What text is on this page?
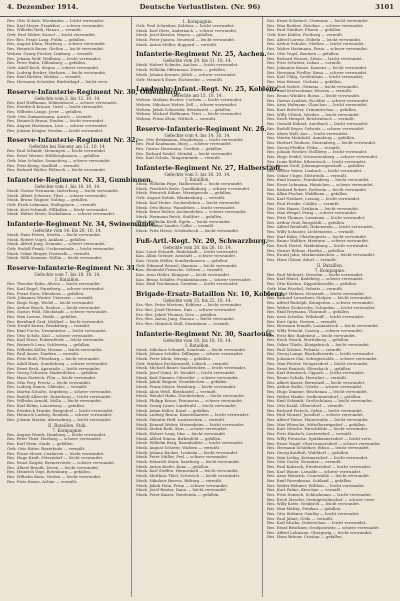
4. Dezember 1914.	Deutsche Verlustlisten. (Nr. 96)	3101
Res. Otto Schulz, Wiesbaden — leicht verwundet.
Res. Karl Meyer, Frankfurt — schwer verwundet.
Res. Wilhelm Roth, Hanau — vermißt.
Gefr. Paul Weber, Kassel — leicht verwundet.
Ers.-Res. Franz Lang, Fulda — gefallen.
Res. August Klein, Marburg — schwer verwundet.
Res. Heinrich Bauer, Gießen — leicht verwundet.
Wehrm. Georg Fischer, Limburg — vermißt.
Res. Johann Wolf, Weilburg — leicht verwundet.
Res. Peter Hahn, Dillenburg — gefallen.
Gefr. Adolf Koch, Siegen — schwer verwundet.
Res. Ludwig Becker, Herborn — leicht verwundet.
Res. Emil Richter, Wetzlar — vermißt.
Res. Hermann Schröder, Biedenkopf — leicht verw.
Reserve-Infanterie-Regiment Nr. 30, Oldenburg.
Gefechte vom 2. bis 12. 10. 14.
Res. Karl Hoffmann, Delmenhorst — schwer verwundet.
Res. Friedrich Krause, Varel — leicht verwundet.
Res. Wilhelm Lange, Jever — gefallen.
Gefr. Otto Zimmermann, Aurich — vermißt.
Res. Heinrich Braun, Emden — leicht verwundet.
Res. August Hartmann, Leer — schwer verwundet.
Res. Johann Krüger, Norden — leicht verwundet.
Reserve-Infanterie-Regiment Nr. 32.
Gefechte bei Sinceny am 12. 10. 14.
Res. Paul Schmitt, Meiningen — leicht verwundet.
Res. Ernst Werner, Hildburghausen — gefallen.
Gefr. Max Schulze, Sonneberg — schwer verwundet.
Res. Fritz König, Saalfeld — vermißt.
Res. Richard Walter, Pößneck — leicht verwundet.
Infanterie-Regiment Nr. 33, Gumbinnen.
Gefechte vom 1. bis 18. 10. 14.
Musk. Gustav Neumann, Insterburg — leicht verwundet.
Musk. Albert Schwarz, Tilsit — schwer verwundet.
Musk. Bruno Wagner, Goldap — gefallen.
Gefr. Erich Lehmann, Stallupönen — vermißt.
Musk. Kurt Schmidt, Pillkallen — leicht verwundet.
Musk. Walter Meier, Darkehmen — schwer verwundet.
Infanterie-Regiment Nr. 34, Swinemünde.
Gefechte vom 14. bis 20. 10. 14.
Musk. Hans Peters, Stettin — leicht verwundet.
Musk. Robert Vogel, Anklam — gefallen.
Musk. Alfred Jung, Demmin — schwer verwundet.
Gefr. Rudolf Frank, Ueckermünde — leicht verwundet.
Musk. Oskar Berger, Pasewalk — vermißt.
Musk. Willi Sommer, Wollin — leicht verwundet.
Reserve-Infanterie-Regiment Nr. 31.
Gefechte vom 7. bis 18. 10. 14.
I. Bataillon.
Res. Theodor Kühn, Altona — leicht verwundet.
Res. Karl Engel, Pinneberg — schwer verwundet.
Res. Franz Horn, Elmshorn — gefallen.
Gefr. Johannes Winter, Uetersen — vermißt.
Res. Hugo Voigt, Wedel — leicht verwundet.
Res. Arthur Busch, Itzehoe — leicht verwundet.
Res. Gustav Pohl, Glückstadt — schwer verwundet.
Res. Max Lorenz, Heide — gefallen.
Res. Bernhard Graf, Meldorf — leicht verwundet.
Gefr. Ewald Kaiser, Rendsburg — vermißt.
Res. Emil Fuchs, Neumünster — leicht verwundet.
Res. Otto Scholz, Kiel — schwer verwundet.
Res. Karl Ernst, Eckernförde — leicht verwundet.
Res. Heinrich Lenz, Schleswig — gefallen.
Res. Wilhelm Keller, Husum — leicht verwundet.
Res. Paul Sauer, Tondern — vermißt.
Res. Fritz Roth, Flensburg — leicht verwundet.
Res. Adolf Haas, Sonderburg — schwer verwundet.
Res. Ernst Beck, Apenrade — leicht verwundet.
Res. Georg Schuster, Hadersleben — gefallen.
Res. Hans Dietrich, Plön — leicht verwundet.
Res. Otto Frey, Preetz — leicht verwundet.
Res. Ludwig Simon, Oldesloe — vermißt.
Res. Martin Schulte, Segeberg — schwer verwundet.
Res. Rudolf Albrecht, Ratzeburg — leicht verwundet.
Res. Wilhelm Arnold, Mölln — leicht verwundet.
Res. Karl Böhm, Lauenburg — gefallen.
Res. Friedrich Franke, Bergedorf — leicht verwundet.
Res. Heinrich Ludwig, Reinbek — schwer verwundet.
Res. Johann Martin, Ahrensburg — leicht verwundet.
II. Bataillon. Stab.
7. Kompagnie.
Res. August Wendt, Hamburg — leicht verwundet.
Res. Peter Thiel, Harburg — schwer verwundet.
Res. Karl Stein, Stade — gefallen.
Gefr. Otto Ritter, Buxtehude — vermißt.
Res. Franz Moser, Cuxhaven — leicht verwundet.
Res. Hugo Kraft, Otterndorf — leicht verwundet.
Res. Ernst Ziegler, Bremervörde — schwer verwundet.
Res. Albert Brandt, Zeven — leicht verwundet.
Res. Heinrich Vogt, Rotenburg — gefallen.
Res. Wilhelm Kunz, Verden — leicht verwundet.
Res. Fritz Haase, Achim — vermißt.
1. Kompagnie.
Gefr. Paul Schreiber, Koblenz — leicht verwundet.
Musk. Karl Dietz, Andernach — schwer verwundet.
Musk. Josef Kessler, Mayen — gefallen.
Musk. Peter Jansen, Neuwied — leicht verwundet.
Musk. Anton Müller, Boppard — vermißt.
Infanterie-Regiment Nr. 25, Aachen.
Gefechte vom 29. bis 31. 10. 14.
Musk. Hubert Schmitz, Aachen — leicht verwundet.
Musk. Wilhelm Offermann, Düren — gefallen.
Musk. Johann Kremer, Jülich — schwer verwundet.
Gefr. Heinrich Esser, Eschweiler — vermißt.
Landwehr-Infant.-Regt. Nr. 25, Koblenz.
Gefechte am 13. 10. 14.
Wehrm. Mathias Becker, Cochem — leicht verwundet.
Wehrm. Nikolaus Weber, Zell — schwer verwundet.
Wehrm. Jakob Schneider, Bernkastel — gefallen.
Wehrm. Michael Hoffmann, Trier — leicht verwundet.
Wehrm. Franz Klein, Wittlich — vermißt.
Reserve-Infanterie-Regiment Nr. 26.
Gefechte vom 4. bis 14. 10. 14.
Res. Otto Brinkmann, Magdeburg — leicht verwundet.
Res. Paul Kaufmann, Burg — schwer verwundet.
Res. Gustav Herrmann, Genthin — gefallen.
Res. Richard Seidel, Stendal — leicht verwundet.
Res. Karl Schulz, Tangermünde — vermißt.
Infanterie-Regiment Nr. 27, Halberstadt.
Gefechte vom 3. bis 16. 10. 14.
I. Bataillon.
Musk. Wilhelm Pape, Halberstadt — leicht verwundet.
Musk. Friedrich Bode, Quedlinburg — schwer verwundet.
Musk. Heinrich Kühne, Wernigerode — gefallen.
Gefr. August Rohde, Blankenburg — vermißt.
Musk. Karl Heine, Oschersleben — leicht verwundet.
Musk. Otto Busse, Wanzleben — leicht verwundet.
Musk. Ernst Wolter, Aschersleben — schwer verwundet.
Musk. Hermann Reich, Staßfurt — gefallen.
Musk. Wilhelm Kroll, Egeln — leicht verwundet.
Musk. Gustav Sander, Calbe — vermißt.
Musk. Fritz Hesse, Schönebeck — leicht verwundet.
Fuß-Artl.-Regt. Nr. 20, Schwarzburg.
Gefechte vom 20. bis 28. 10. 14.
Kan. Louis Eckardt, Rudolstadt — leicht verwundet.
Kan. Albin Greiner, Arnstadt — schwer verwundet.
Kan. Oswin Möller, Sondershausen — gefallen.
Gefr. Edmund Wenzel, Ilmenau — leicht verwundet.
Kan. Reinhold Fritzsche, Gehren — vermißt.
Kan. Arno Heller, Königsee — leicht verwundet.
Kan. Bruno Schäfer, Frankenhausen — schwer verwundet.
Kan. Emil Teichmann, Greußen — leicht verwundet.
Brigade-Ersatz-Bataillon Nr. 10, Koblenz.
Gefechte vom 15. bis 22. 10. 14.
Ers.-Res. Peter Mertens, Koblenz — leicht verwundet.
Ers.-Res. Josef Hermes, Ems — schwer verwundet.
Ers.-Res. Jakob Thomas, Diez — gefallen.
Ers.-Res. Anton Jung, Nassau — leicht verwundet.
Ers.-Res. Heinrich Stoll, Montabaur — vermißt.
Infanterie-Regiment Nr. 30, Saarlouis.
Gefechte vom 10. bis 18. 10. 14.
I. Bataillon.
Musk. Nikolaus Schmidt, Saarlouis — leicht verwundet.
Musk. Johann Schäfer, Dillingen — schwer verwundet.
Musk. Peter Klein, Merzig — gefallen.
Gefr. Mathias Recktenwald, Lebach — vermißt.
Musk. Michael Bauer, Saarbrücken — leicht verwundet.
Musk. Josef Quint, St. Wendel — leicht verwundet.
Musk. Karl Zimmer, Ottweiler — schwer verwundet.
Musk. Jakob Wagner, Neunkirchen — gefallen.
Musk. Franz Meyer, Homburg — leicht verwundet.
Musk. Alois Weiß, Blieskastel — vermißt.
Musk. Wendel Hahn, Zweibrücken — leicht verwundet.
Musk. Philipp Kraus, Pirmasens — schwer verwundet.
Musk. Georg Lauer, Landstuhl — leicht verwundet.
Musk. Adam Keller, Kusel — gefallen.
Musk. Ludwig Braun, Kaiserslautern — leicht verwundet.
Musk. Valentin Hoff, Lauterecken — vermißt.
Musk. Konrad Weber, Meisenheim — leicht verwundet.
Musk. Stefan Roth, Kirn — schwer verwundet.
Musk. Hubert Lang, Idar — leicht verwundet.
Musk. Alfred Simon, Birkenfeld — gefallen.
Musk. Wilhelm Berg, Baumholder — leicht verwundet.
Musk. August Scherer, Wadern — vermißt.
Musk. Johann Backes, Losheim — leicht verwundet.
Musk. Peter Müller, Perl — schwer verwundet.
Musk. Heinrich Marx, Saarburg — leicht verwundet.
Musk. Anton Kiefer, Konz — gefallen.
Musk. Karl Steffen, Hermeskeil — leicht verwundet.
Musk. Matthias Thiel, Schweich — leicht verwundet.
Musk. Nikolaus Berens, Bitburg — vermißt.
Musk. Jakob Hein, Prüm — schwer verwundet.
Musk. Josef Reuter, Daun — leicht verwundet.
Musk. Peter Kaiser, Gerolstein — gefallen.
Res. Ernst Schubert, Chemnitz — leicht verwundet.
Res. Max Richter, Zwickau — schwer verwundet.
Res. Paul Günther, Plauen — gefallen.
Gefr. Kurt Köhler, Freiberg — vermißt.
Res. Alfred Lorenz, Döbeln — leicht verwundet.
Res. Arthur Schulze, Meißen — leicht verwundet.
Res. Walter Hartmann, Pirna — schwer verwundet.
Res. Otto Vogel, Bautzen — gefallen.
Res. Richard Werner, Zittau — leicht verwundet.
Res. Fritz Schröter, Löbau — vermißt.
Res. Johannes Kunze, Kamenz — leicht verwundet.
Res. Hermann Fiedler, Riesa — schwer verwundet.
Res. Karl Uhlig, Großenhain — leicht verwundet.
Res. Max Heinze, Oschatz — gefallen.
Res. Paul Seifert, Grimma — leicht verwundet.
Res. Emil Kretzschmar, Wurzen — vermißt.
Res. Bruno Winkler, Borna — leicht verwundet.
Res. Gustav Lindner, Rochlitz — schwer verwundet.
Res. Arno Hofmann, Glauchau — leicht verwundet.
Res. Kurt Böttcher, Crimmitschau — gefallen.
Res. Willy Ullrich, Werdau — leicht verwundet.
Res. Erich Hempel, Reichenbach — vermißt.
Res. Oswald Kühnel, Auerbach — leicht verwundet.
Res. Rudolf Beyer, Oelsnitz — schwer verwundet.
Res. Alwin Wolf, Aue — leicht verwundet.
Res. Martin Meinhold, Annaberg — gefallen.
Res. Herbert Teubner, Marienberg — leicht verwundet.
Res. Georg Pfeiffer, Flöha — vermißt.
Res. Johann Nestler, Stollberg — leicht verwundet.
Res. Hugo Seidel, Schwarzenberg — schwer verwundet.
Res. Louis Rößler, Eibenstock — leicht verwundet.
Res. Franz Groß, Johanngeorgenstadt — gefallen.
Res. Walter Meier, Limbach — leicht verwundet.
Res. Oskar Unger, Mittweida — vermißt.
Res. Emil Krause, Frankenberg — leicht verwundet.
Res. Ernst Lehmann, Hainichen — schwer verwundet.
Res. Richard Eckert, Roßwein — leicht verwundet.
Res. Albin Fischer, Waldheim — gefallen.
Res. Karl Neubert, Leisnig — leicht verwundet.
Res. Paul Franke, Colditz — vermißt.
Res. Otto Haase, Geithain — leicht verwundet.
Res. Max Weigel, Penig — schwer verwundet.
Res. Fritz Thomas, Lunzenau — leicht verwundet.
Res. Arthur Graf, Burgstädt — gefallen.
Res. Alfred Reinhold, Hohenstein — leicht verwundet.
Res. Willy Schuster, Lichtenstein — vermißt.
Res. Kurt Kühn, Oberlungwitz — leicht verwundet.
Res. Bruno Walther, Meerane — schwer verwundet.
Res. Erich Hertel, Waldenburg — leicht verwundet.
Res. Gustav Böhme, Hartha — gefallen.
Res. Ewald Jahn, Markneukirchen — leicht verwundet.
Res. Hans Gläser, Adorf — vermißt.
II. Bataillon.
7. Kompagnie.
Res. Paul Mehnert, Dresden — leicht verwundet.
Res. Karl Hänel, Radeberg — schwer verwundet.
Res. Otto Kirsten, Dippoldiswalde — gefallen.
Gefr. Max Püschel, Sebnitz — vermißt.
Res. Ernst Hübner, Neustadt — leicht verwundet.
Res. Richard Leuschner, Stolpen — leicht verwundet.
Res. Alfred Rudolph, Königstein — schwer verwundet.
Res. Walter Zschiesche, Schandau — leicht verwundet.
Res. Emil Heymann, Tharandt — gefallen.
Res. Arno Scheibe, Wilsdruff — leicht verwundet.
Res. Kurt Opitz, Nossen — vermißt.
Res. Hermann Kunath, Lommatzsch — leicht verwundet.
Res. Willy Petzold, Coswig — schwer verwundet.
Res. Fritz Bär, Radebeul — leicht verwundet.
Res. Erich Noack, Moritzburg — gefallen.
Res. Oskar Thiele, Königsbrück — leicht verwundet.
Res. Paul Schöne, Pulsnitz — vermißt.
Res. Georg Lange, Bischofswerda — leicht verwundet.
Res. Johannes Mai, Schirgiswalde — schwer verwundet.
Res. Max Förster, Neugersdorf — leicht verwundet.
Res. Ernst Rentsch, Ebersbach — gefallen.
Res. Karl Hientzsch, Oppach — leicht verwundet.
Res. Bruno Schulz, Herrnhut — vermißt.
Res. Albert Kaiser, Bernstadt — leicht verwundet.
Res. Arthur Rothe, Ostritz — schwer verwundet.
Res. Hugo Zimmer, Reichenau — leicht verwundet.
Res. Walter Hanke, Seifhennersdorf — gefallen.
Res. Emil Schmidt, Großschönau — leicht verwundet.
Res. Otto Krahl, Olbersdorf — vermißt.
Res. Richard Pietsch, Oybin — leicht verwundet.
Res. Paul Menzel, Jonsdorf — schwer verwundet.
Res. Alfred Tietze, Hainewalde — leicht verwundet.
Res. Max Wünsche, Mittelherwigsdorf — gefallen.
Res. Kurt Nitsche, Hirschfelde — leicht verwundet.
Res. Fritz Hantsch, Leutersdorf — vermißt.
Res. Willy Preusche, Spitzkunnersdorf — leicht verw.
Res. Ernst Nagel, Obercunnersdorf — schwer verwundet.
Res. Hermann Schiefner, Eibau — leicht verwundet.
Res. Georg Kaulfuß, Walddorf — gefallen.
Res. Max Liebig, Kottmarsdorf — leicht verwundet.
Res. Otto Gocht, Neusalza — vermißt.
Res. Paul Kubasch, Friedersdorf — leicht verwundet.
Res. Karl Wauer, Lawalde — schwer verwundet.
Res. Arno Heinrich, Cunewalde — leicht verwundet.
Res. Emil Rosenkranz, Sohland — gefallen.
Res. Walter Böhmer, Wilthen — leicht verwundet.
Res. Kurt Palme, Kirschau — vermißt.
Res. Fritz Domsch, Schluckenau — leicht verwundet.
Res. Erich Ziesche, Steinigtwolmsdorf — schwer verw.
Res. Willy Kotte, Neukirch — leicht verwundet.
Res. Max Mättig, Putzkau — gefallen.
Res. Otto Stübner, Gaußig — leicht verwundet.
Res. Paul Jähne, Göda — vermißt.
Res. Karl Mucke, Doberschau — leicht verwundet.
Res. Ernst Brückner, Großpostwitz — schwer verwundet.
Res. Alfred Lehmann, Obergurig — leicht verwundet.
Res. Hans Bräuer, Crostau — gefallen.
